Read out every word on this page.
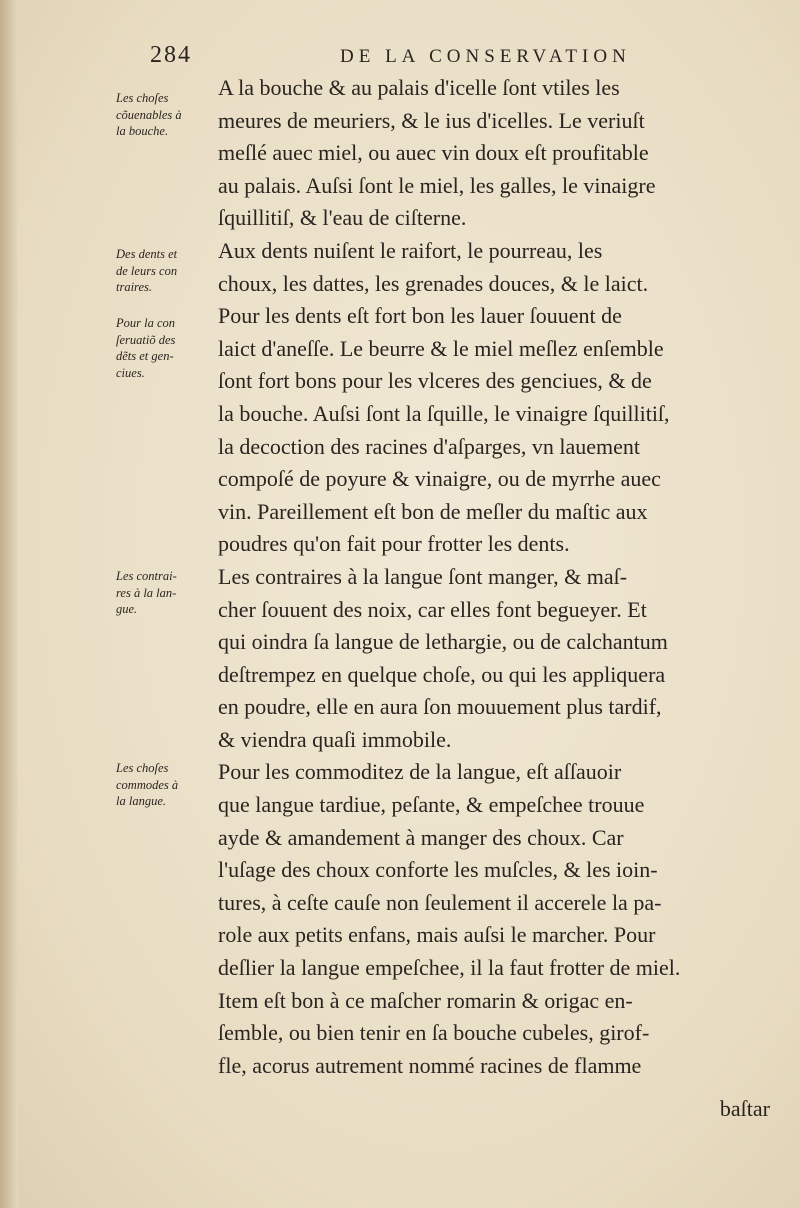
284	DE LA CONSERVATION
Les choſes
cõuenables à
la bouche.
Des dents et
de leurs con
traires.
Pour la con
ſeruatiõ des
dẽts et gen-
ciues.
Les contrai-
res à la lan-
gue.
Les choſes
commodes à
la langue.
A la bouche & au palais d'icelle ſont vtiles les
meures de meuriers, & le ius d'icelles. Le veriuſt
meſlé auec miel, ou auec vin doux eſt proufitable
au palais. Auſsi ſont le miel, les galles, le vinaigre
ſquillitiſ, & l'eau de ciſterne.
Aux dents nuiſent le raifort, le pourreau, les
choux, les dattes, les grenades douces, & le laict.
Pour les dents eſt fort bon les lauer ſouuent de
laict d'aneſſe. Le beurre & le miel meſlez enſemble
ſont fort bons pour les vlceres des genciues, & de
la bouche. Auſsi ſont la ſquille, le vinaigre ſquillitiſ,
la decoction des racines d'aſparges, vn lauement
compoſé de poyure & vinaigre, ou de myrrhe auec
vin. Pareillement eſt bon de meſler du maſtic aux
poudres qu'on fait pour frotter les dents.
Les contraires à la langue ſont manger, & maſ-
cher ſouuent des noix, car elles font begueyer. Et
qui oindra ſa langue de lethargie, ou de calchantum
deſtrempez en quelque choſe, ou qui les appliquera
en poudre, elle en aura ſon mouuement plus tardif,
& viendra quaſi immobile.
Pour les commoditez de la langue, eſt aſſauoir
que langue tardiue, peſante, & empeſchee trouue
ayde & amandement à manger des choux. Car
l'uſage des choux conforte les muſcles, & les ioin-
tures, à ceſte cauſe non ſeulement il accerele la pa-
role aux petits enfans, mais auſsi le marcher. Pour
deſlier la langue empeſchee, il la faut frotter de miel.
Item eſt bon à ce maſcher romarin & origac en-
ſemble, ou bien tenir en ſa bouche cubeles, girof-
fle, acorus autrement nommé racines de flamme
baſtar
